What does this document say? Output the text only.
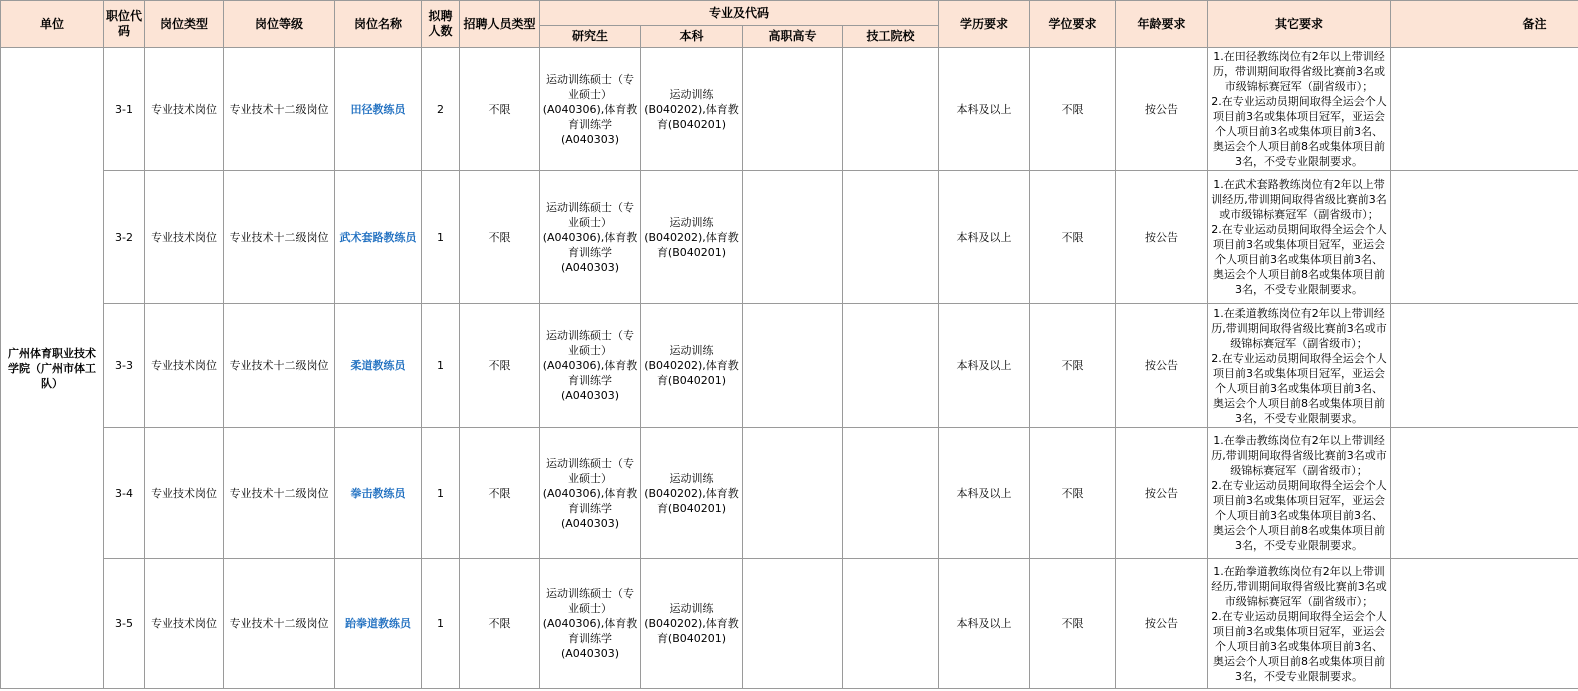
单位	职位代码	岗位类型	岗位等级	岗位名称	拟聘人数	招聘人员类型	专业及代码				学历要求	学位要求	年龄要求	其它要求	备注
							研究生	本科	高职高专	技工院校					
广州体育职业技术学院（广州市体工队）	3-1	专业技术岗位	专业技术十二级岗位	田径教练员	2	不限	运动训练硕士（专业硕士）(A040306),体育教育训练学(A040303)	运动训练(B040202),体育教育(B040201)			本科及以上	不限	按公告	1.在田径教练岗位有2年以上带训经历，带训期间取得省级比赛前3名或市级锦标赛冠军（副省级市）；
2.在专业运动员期间取得全运会个人项目前3名或集体项目冠军，亚运会个人项目前3名或集体项目前3名、奥运会个人项目前8名或集体项目前3名，不受专业限制要求。	

	3-2	专业技术岗位	专业技术十二级岗位	武术套路教练员	1	不限	运动训练硕士（专业硕士）(A040306),体育教育训练学(A040303)	运动训练(B040202),体育教育(B040201)			本科及以上	不限	按公告	1.在武术套路教练岗位有2年以上带训经历,带训期间取得省级比赛前3名或市级锦标赛冠军（副省级市）；
2.在专业运动员期间取得全运会个人项目前3名或集体项目冠军，亚运会个人项目前3名或集体项目前3名、奥运会个人项目前8名或集体项目前3名，不受专业限制要求。	

	3-3	专业技术岗位	专业技术十二级岗位	柔道教练员	1	不限	运动训练硕士（专业硕士）(A040306),体育教育训练学(A040303)	运动训练(B040202),体育教育(B040201)			本科及以上	不限	按公告	1.在柔道教练岗位有2年以上带训经历,带训期间取得省级比赛前3名或市级锦标赛冠军（副省级市）；
2.在专业运动员期间取得全运会个人项目前3名或集体项目冠军，亚运会个人项目前3名或集体项目前3名、奥运会个人项目前8名或集体项目前3名，不受专业限制要求。	

	3-4	专业技术岗位	专业技术十二级岗位	拳击教练员	1	不限	运动训练硕士（专业硕士）(A040306),体育教育训练学(A040303)	运动训练(B040202),体育教育(B040201)			本科及以上	不限	按公告	1.在拳击教练岗位有2年以上带训经历,带训期间取得省级比赛前3名或市级锦标赛冠军（副省级市）；
2.在专业运动员期间取得全运会个人项目前3名或集体项目冠军，亚运会个人项目前3名或集体项目前3名、奥运会个人项目前8名或集体项目前3名，不受专业限制要求。	

	3-5	专业技术岗位	专业技术十二级岗位	跆拳道教练员	1	不限	运动训练硕士（专业硕士）(A040306),体育教育训练学(A040303)	运动训练(B040202),体育教育(B040201)			本科及以上	不限	按公告	1.在跆拳道教练岗位有2年以上带训经历,带训期间取得省级比赛前3名或市级锦标赛冠军（副省级市）；
2.在专业运动员期间取得全运会个人项目前3名或集体项目冠军，亚运会个人项目前3名或集体项目前3名、奥运会个人项目前8名或集体项目前3名，不受专业限制要求。	
